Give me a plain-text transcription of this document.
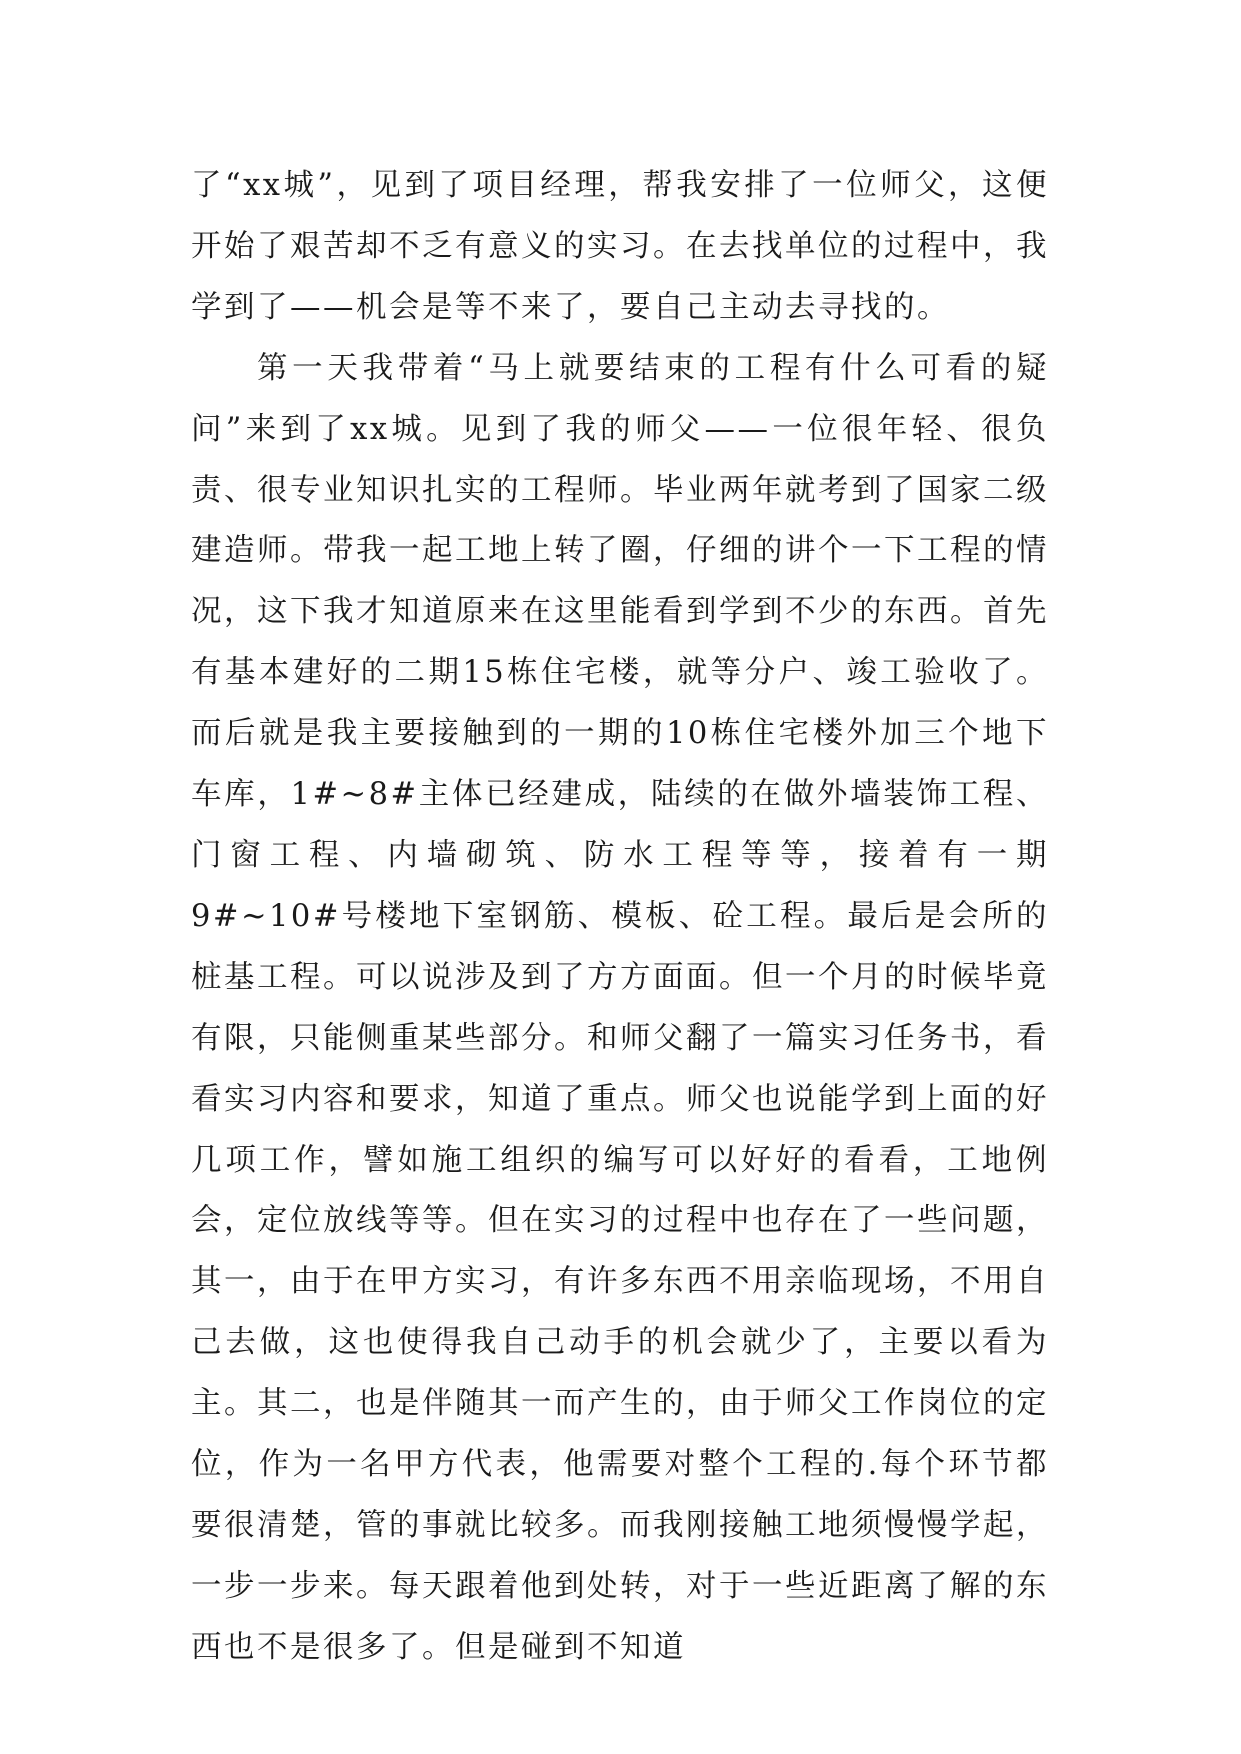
了“xx城”，见到了项目经理，帮我安排了一位师父，这便开始了艰苦却不乏有意义的实习。在去找单位的过程中，我学到了——机会是等不来了，要自己主动去寻找的。

第一天我带着“马上就要结束的工程有什么可看的疑问”来到了xx城。见到了我的师父——一位很年轻、很负责、很专业知识扎实的工程师。毕业两年就考到了国家二级建造师。带我一起工地上转了圈，仔细的讲个一下工程的情况，这下我才知道原来在这里能看到学到不少的东西。首先有基本建好的二期15栋住宅楼，就等分户、竣工验收了。而后就是我主要接触到的一期的10栋住宅楼外加三个地下车库，1#~8#主体已经建成，陆续的在做外墙装饰工程、门窗工程、内墙砌筑、防水工程等等，接着有一期9#~10#号楼地下室钢筋、模板、砼工程。最后是会所的桩基工程。可以说涉及到了方方面面。但一个月的时候毕竟有限，只能侧重某些部分。和师父翻了一篇实习任务书，看看实习内容和要求，知道了重点。师父也说能学到上面的好几项工作，譬如施工组织的编写可以好好的看看，工地例会，定位放线等等。但在实习的过程中也存在了一些问题，其一，由于在甲方实习，有许多东西不用亲临现场，不用自己去做，这也使得我自己动手的机会就少了，主要以看为主。其二，也是伴随其一而产生的，由于师父工作岗位的定位，作为一名甲方代表，他需要对整个工程的.每个环节都要很清楚，管的事就比较多。而我刚接触工地须慢慢学起，一步一步来。每天跟着他到处转，对于一些近距离了解的东西也不是很多了。但是碰到不知道
